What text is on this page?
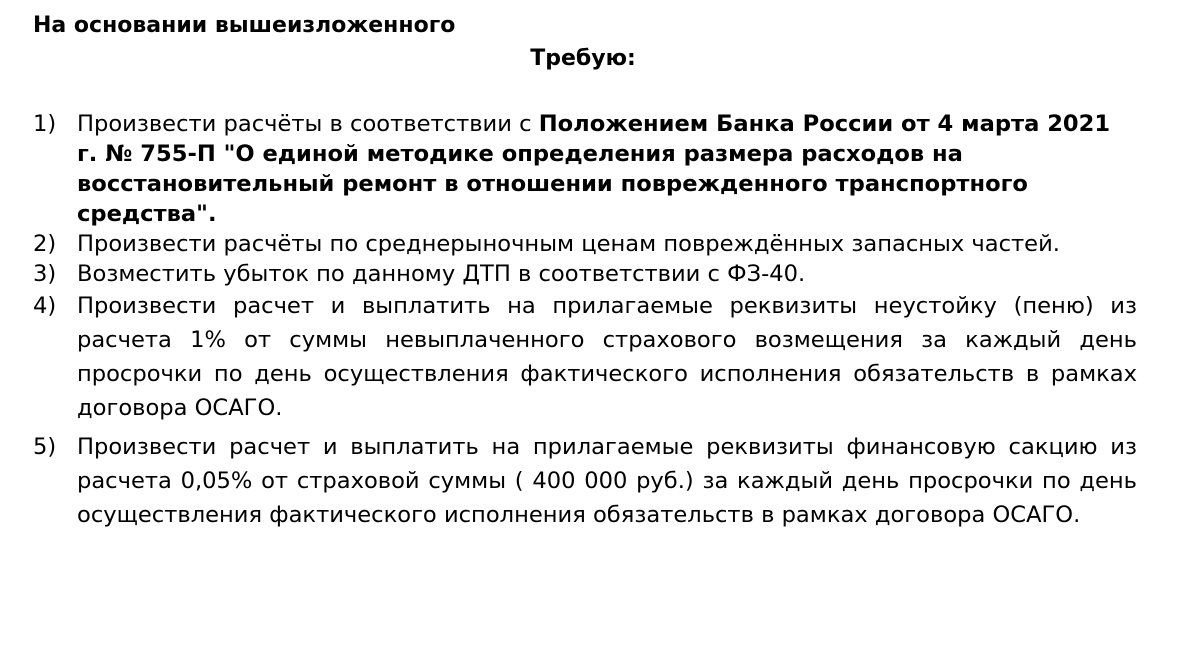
На основании вышеизложенного
Требую:
1) Произвести расчёты в соответствии с Положением Банка России от 4 марта 2021 г. № 755-П "О единой методике определения размера расходов на восстановительный ремонт в отношении поврежденного транспортного средства".
2) Произвести расчёты по среднерыночным ценам повреждённых запасных частей.
3) Возместить убыток по данному ДТП в соответствии с ФЗ-40.
4) Произвести расчет и выплатить на прилагаемые реквизиты неустойку (пеню) из расчета 1% от суммы невыплаченного страхового возмещения за каждый день просрочки по день осуществления фактического исполнения обязательств в рамках договора ОСАГО.
5) Произвести расчет и выплатить на прилагаемые реквизиты финансовую сакцию из расчета 0,05% от страховой суммы ( 400 000 руб.) за каждый день просрочки по день осуществления фактического исполнения обязательств в рамках договора ОСАГО.
